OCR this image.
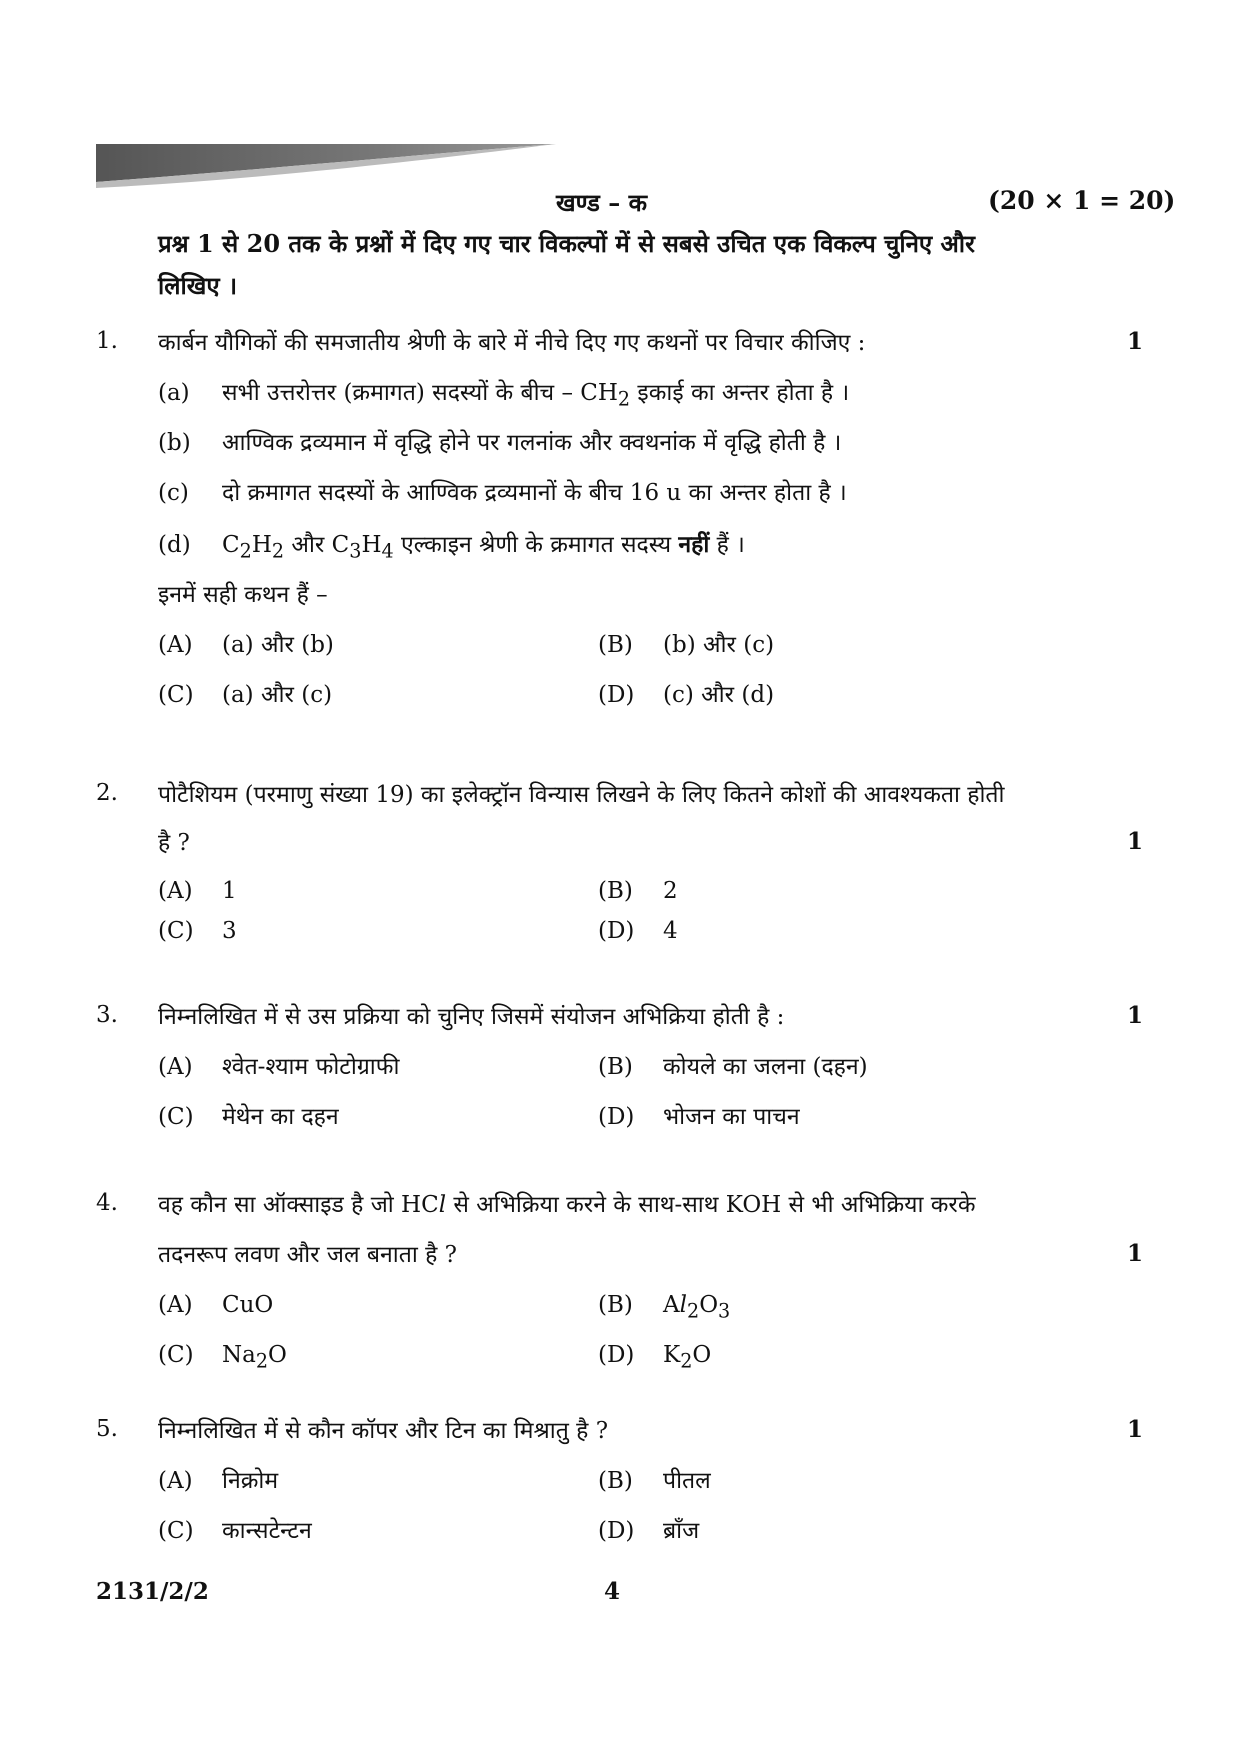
खण्ड – क	(20 × 1 = 20)
प्रश्न 1 से 20 तक के प्रश्नों में दिए गए चार विकल्पों में से सबसे उचित एक विकल्प चुनिए और
लिखिए ।
1. कार्बन यौगिकों की समजातीय श्रेणी के बारे में नीचे दिए गए कथनों पर विचार कीजिए :	1
(a) सभी उत्तरोत्तर (क्रमागत) सदस्यों के बीच – $CH_2$ इकाई का अन्तर होता है ।
(b) आण्विक द्रव्यमान में वृद्धि होने पर गलनांक और क्वथनांक में वृद्धि होती है ।
(c) दो क्रमागत सदस्यों के आण्विक द्रव्यमानों के बीच 16 u का अन्तर होता है ।
(d) $C_2H_2$ और $C_3H_4$ एल्काइन श्रेणी के क्रमागत सदस्य नहीं हैं ।
इनमें सही कथन हैं –
(A) (a) और (b)	(B) (b) और (c)
(C) (a) और (c)	(D) (c) और (d)
2. पोटैशियम (परमाणु संख्या 19) का इलेक्ट्रॉन विन्यास लिखने के लिए कितने कोशों की आवश्यकता होती
है ?	1
(A) 1	(B) 2
(C) 3	(D) 4
3. निम्नलिखित में से उस प्रक्रिया को चुनिए जिसमें संयोजन अभिक्रिया होती है :	1
(A) श्वेत-श्याम फोटोग्राफी	(B) कोयले का जलना (दहन)
(C) मेथेन का दहन	(D) भोजन का पाचन
4. वह कौन सा ऑक्साइड है जो HCl से अभिक्रिया करने के साथ-साथ KOH से भी अभिक्रिया करके
तदनरूप लवण और जल बनाता है ?	1
(A) CuO	(B) $Al_2O_3$
(C) $Na_2O$	(D) $K_2O$
5. निम्नलिखित में से कौन कॉपर और टिन का मिश्रातु है ?	1
(A) निक्रोम	(B) पीतल
(C) कान्सटेन्टन	(D) ब्राँज
2131/2/2	4
